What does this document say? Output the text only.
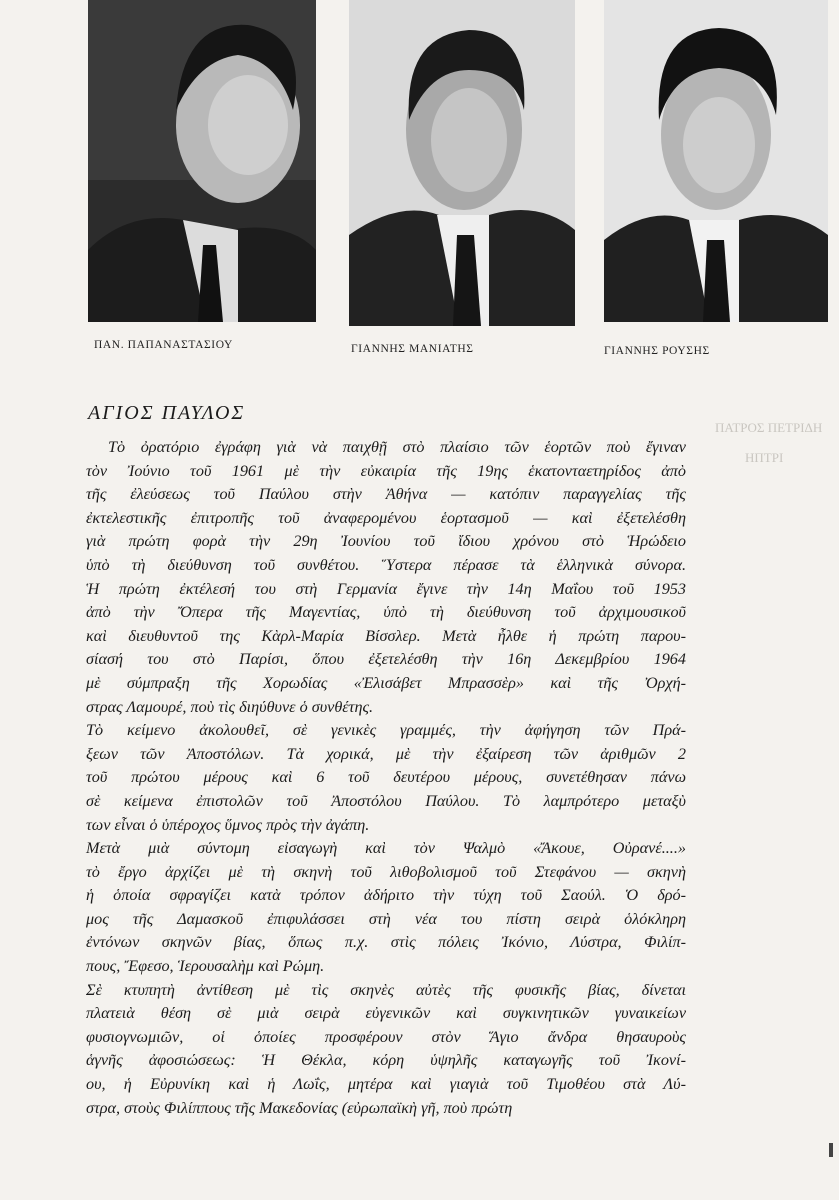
ΠΑΤΡΟΣ ΠΕΤΡΙΔΗ
ΗΠΤΡΙ
ΠΑΝ. ΠΑΠΑΝΑΣΤΑΣΙΟΥ	ΓΙΑΝΝΗΣ ΜΑΝΙΑΤΗΣ	ΓΙΑΝΝΗΣ ΡΟΥΣΗΣ
ΑΓΙΟΣ ΠΑΥΛΟΣ
Τὸ ὀρατόριο ἐγράφη γιὰ νὰ παιχθῇ στὸ πλαίσιο τῶν ἑορτῶν ποὺ ἔγιναν
τὸν Ἰούνιο τοῦ 1961 μὲ τὴν εὐκαιρία τῆς 19ης ἑκατονταετηρίδος ἀπὸ
τῆς ἐλεύσεως τοῦ Παύλου στὴν Ἀθήνα — κατόπιν παραγγελίας τῆς
ἐκτελεστικῆς ἐπιτροπῆς τοῦ ἀναφερομένου ἑορτασμοῦ — καὶ ἐξετελέσθη
γιὰ πρώτη φορὰ τὴν 29η Ἰουνίου τοῦ ἴδιου χρόνου στὸ Ἡρώδειο
ὑπὸ τὴ διεύθυνση τοῦ συνθέτου. Ὕστερα πέρασε τὰ ἑλληνικὰ σύνορα.
Ἡ πρώτη ἐκτέλεσή του στὴ Γερμανία ἔγινε τὴν 14η Μαΐου τοῦ 1953
ἀπὸ τὴν Ὄπερα τῆς Μαγεντίας, ὑπὸ τὴ διεύθυνση τοῦ ἀρχιμουσικοῦ
καὶ διευθυντοῦ της Κὰρλ-Μαρία Βίσσλερ. Μετὰ ἦλθε ἡ πρώτη παρου-
σίασή του στὸ Παρίσι, ὅπου ἐξετελέσθη τὴν 16η Δεκεμβρίου 1964
μὲ σύμπραξη τῆς Χορωδίας «Ἐλισάβετ Μπρασσὲρ» καὶ τῆς Ὀρχή-
στρας Λαμουρέ, ποὺ τὶς διηύθυνε ὁ συνθέτης.
Τὸ κείμενο ἀκολουθεῖ, σὲ γενικὲς γραμμές, τὴν ἀφήγηση τῶν Πρά-
ξεων τῶν Ἀποστόλων. Τὰ χορικά, μὲ τὴν ἐξαίρεση τῶν ἀριθμῶν 2
τοῦ πρώτου μέρους καὶ 6 τοῦ δευτέρου μέρους, συνετέθησαν πάνω
σὲ κείμενα ἐπιστολῶν τοῦ Ἀποστόλου Παύλου. Τὸ λαμπρότερο μεταξὺ
των εἶναι ὁ ὑπέροχος ὕμνος πρὸς τὴν ἀγάπη.
Μετὰ μιὰ σύντομη εἰσαγωγὴ καὶ τὸν Ψαλμὸ «Ἄκουε, Οὐρανέ....»
τὸ ἔργο ἀρχίζει μὲ τὴ σκηνὴ τοῦ λιθοβολισμοῦ τοῦ Στεφάνου — σκηνὴ
ἡ ὁποία σφραγίζει κατὰ τρόπον ἀδήριτο τὴν τύχη τοῦ Σαούλ. Ὁ δρό-
μος τῆς Δαμασκοῦ ἐπιφυλάσσει στὴ νέα του πίστη σειρὰ ὁλόκληρη
ἐντόνων σκηνῶν βίας, ὅπως π.χ. στὶς πόλεις Ἰκόνιο, Λύστρα, Φιλίπ-
πους, Ἔφεσο, Ἱερουσαλὴμ καὶ Ρώμη.
Σὲ κτυπητὴ ἀντίθεση μὲ τὶς σκηνὲς αὐτὲς τῆς φυσικῆς βίας, δίνεται
πλατειὰ θέση σὲ μιὰ σειρὰ εὐγενικῶν καὶ συγκινητικῶν γυναικείων
φυσιογνωμιῶν, οἱ ὁποίες προσφέρουν στὸν Ἅγιο ἄνδρα θησαυροὺς
ἁγνῆς ἀφοσιώσεως: Ἡ Θέκλα, κόρη ὑψηλῆς καταγωγῆς τοῦ Ἰκονί-
ου, ἡ Εὐρυνίκη καὶ ἡ Λωΐς, μητέρα καὶ γιαγιὰ τοῦ Τιμοθέου στὰ Λύ-
στρα, στοὺς Φιλίππους τῆς Μακεδονίας (εὐρωπαϊκὴ γῆ, ποὺ πρώτη
